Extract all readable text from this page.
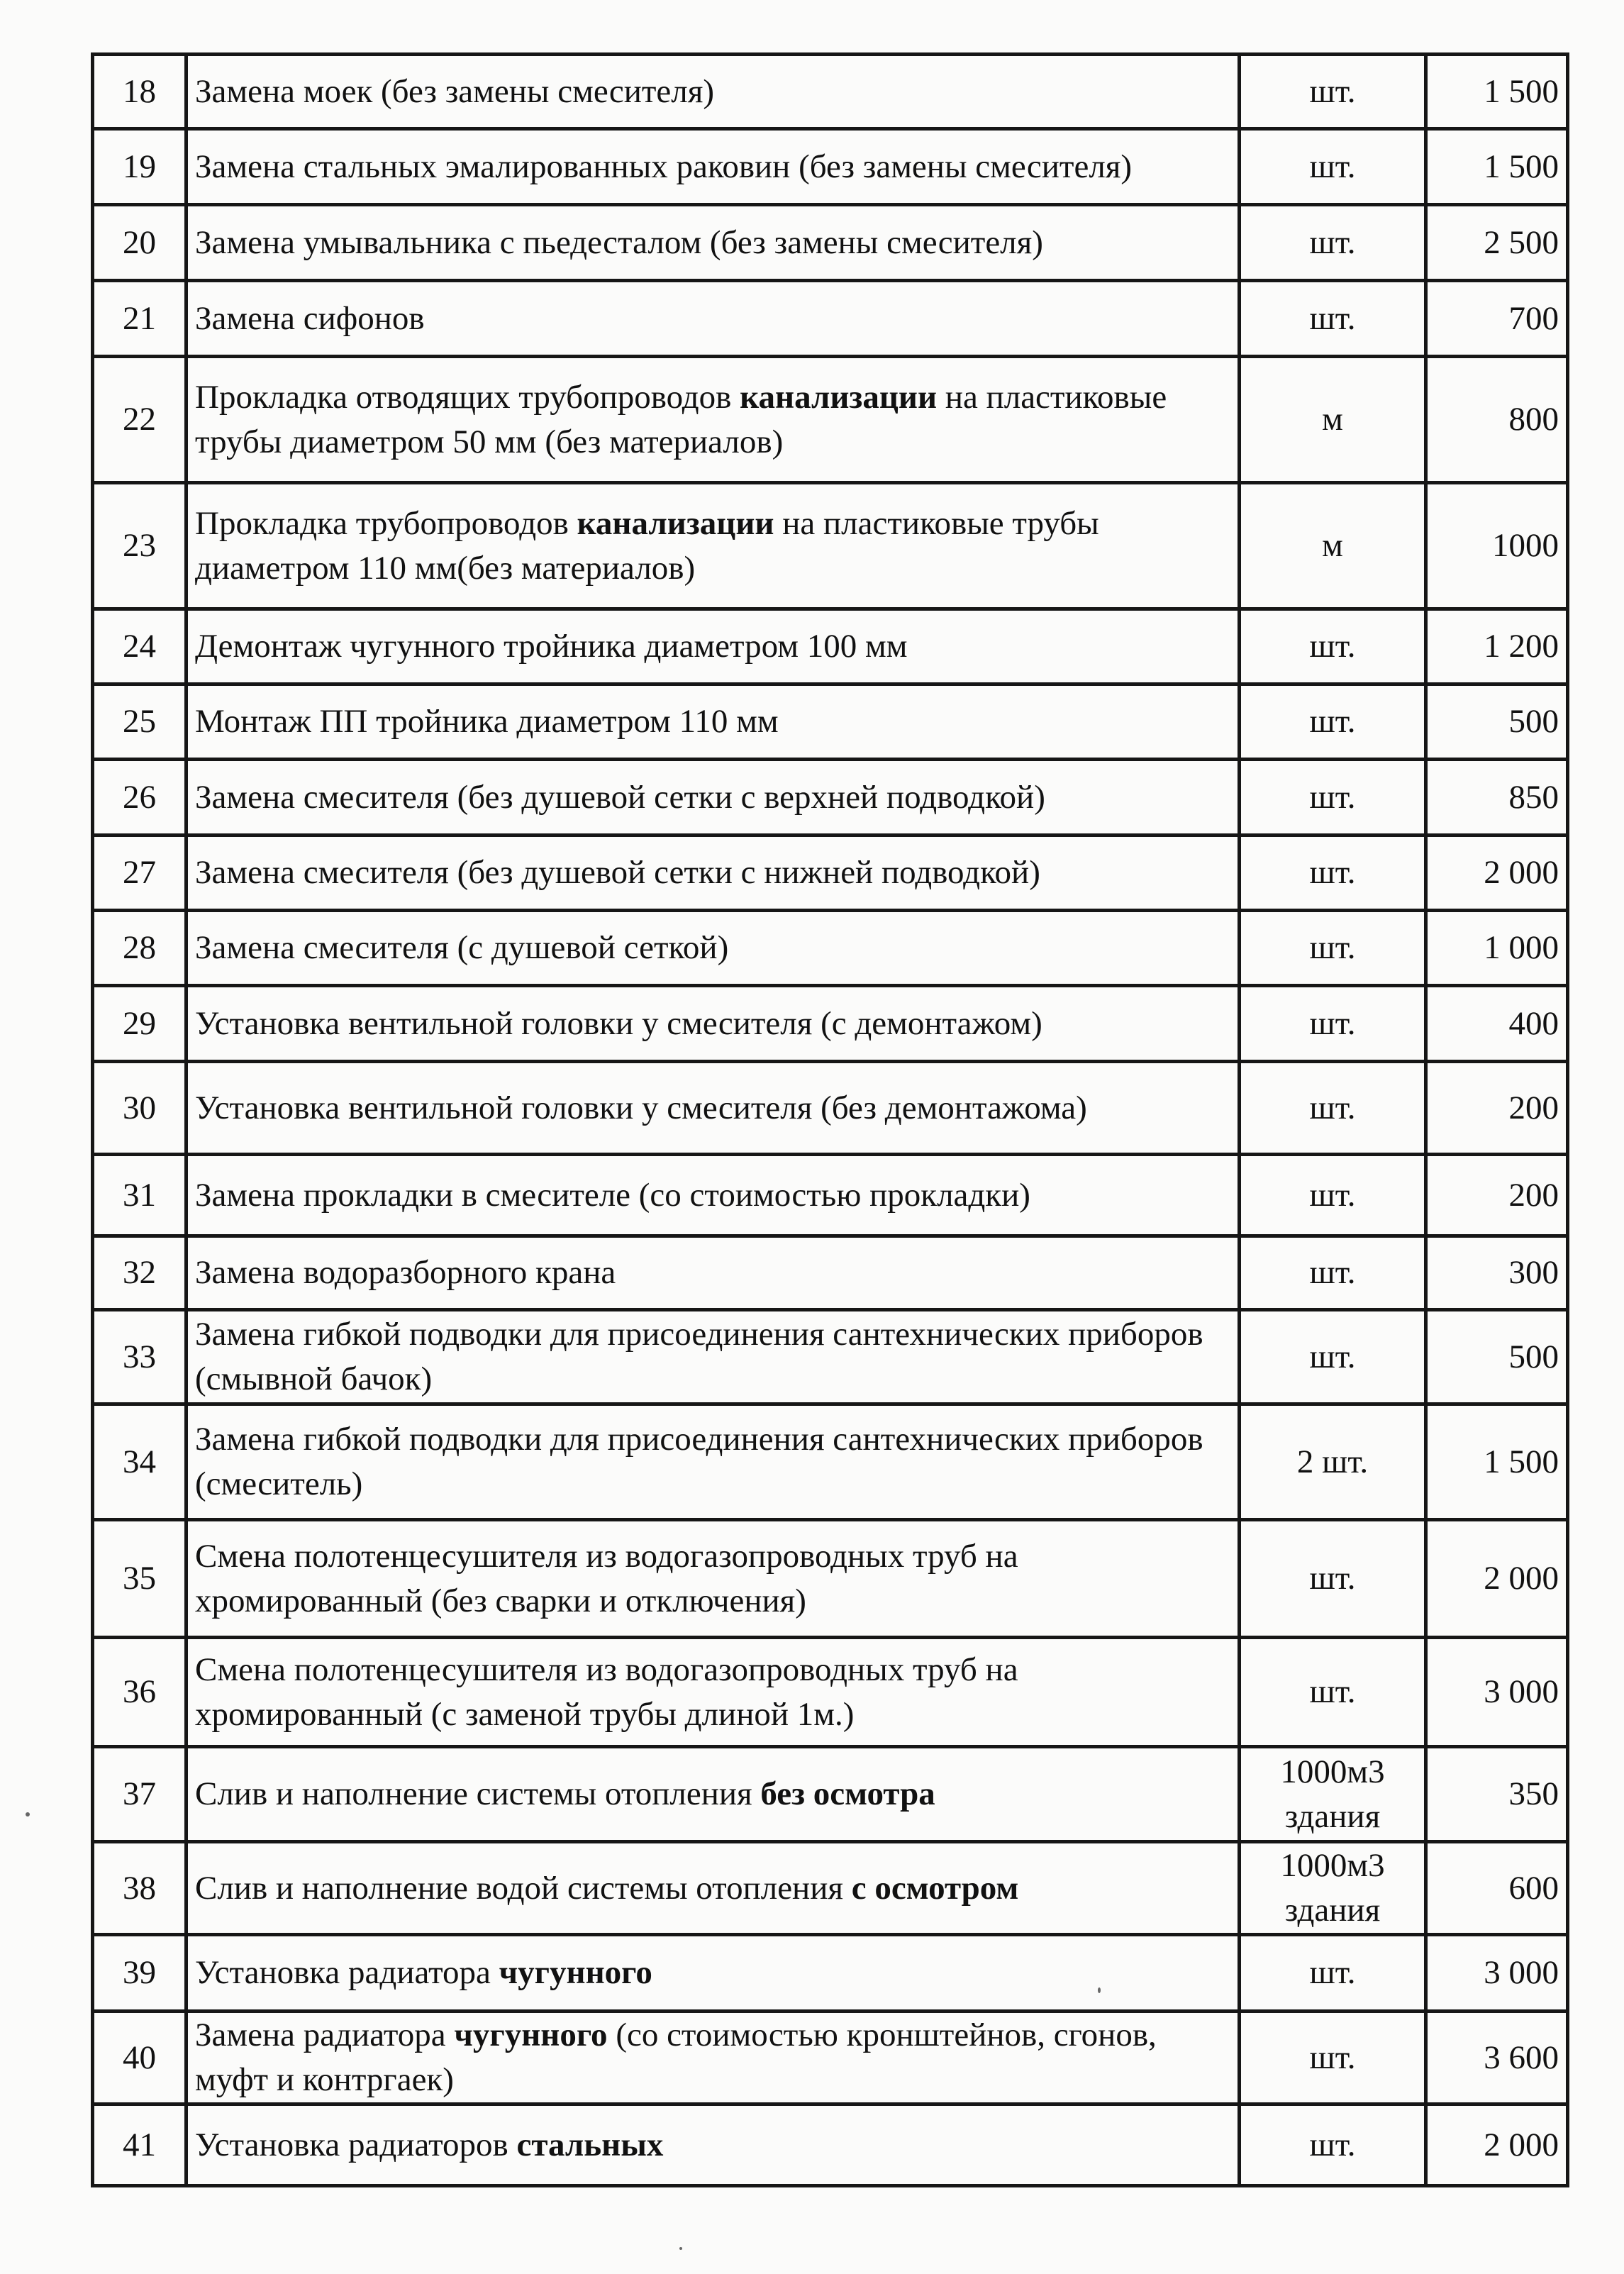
18	Замена моек (без замены смесителя)	шт.	1 500
19	Замена стальных эмалированных раковин (без замены смесителя)	шт.	1 500
20	Замена умывальника с пьедесталом (без замены смесителя)	шт.	2 500
21	Замена сифонов	шт.	700
22	Прокладка отводящих трубопроводов канализации на пластиковые трубы диаметром 50 мм (без материалов)	м	800
23	Прокладка трубопроводов канализации на пластиковые трубы диаметром 110 мм(без материалов)	м	1000
24	Демонтаж чугунного тройника диаметром 100 мм	шт.	1 200
25	Монтаж ПП тройника диаметром 110 мм	шт.	500
26	Замена смесителя (без душевой сетки с верхней подводкой)	шт.	850
27	Замена смесителя (без душевой сетки с нижней подводкой)	шт.	2 000
28	Замена смесителя (с душевой сеткой)	шт.	1 000
29	Установка вентильной головки у смесителя (с демонтажом)	шт.	400
30	Установка вентильной головки у смесителя (без демонтажома)	шт.	200
31	Замена прокладки в смесителе (со стоимостью прокладки)	шт.	200
32	Замена водоразборного крана	шт.	300
33	Замена гибкой подводки для присоединения сантехнических приборов (смывной бачок)	шт.	500
34	Замена гибкой подводки для присоединения сантехнических приборов (смеситель)	2 шт.	1 500
35	Смена полотенцесушителя из водогазопроводных труб на хромированный (без сварки и отключения)	шт.	2 000
36	Смена полотенцесушителя из водогазопроводных труб на хромированный (с заменой трубы длиной 1м.)	шт.	3 000
37	Слив и наполнение системы отопления без осмотра	1000м3 здания	350
38	Слив и наполнение водой системы отопления с осмотром	1000м3 здания	600
39	Установка радиатора чугунного	шт.	3 000
40	Замена радиатора чугунного (со стоимостью кронштейнов, сгонов, муфт и контргаек)	шт.	3 600
41	Установка радиаторов стальных	шт.	2 000
